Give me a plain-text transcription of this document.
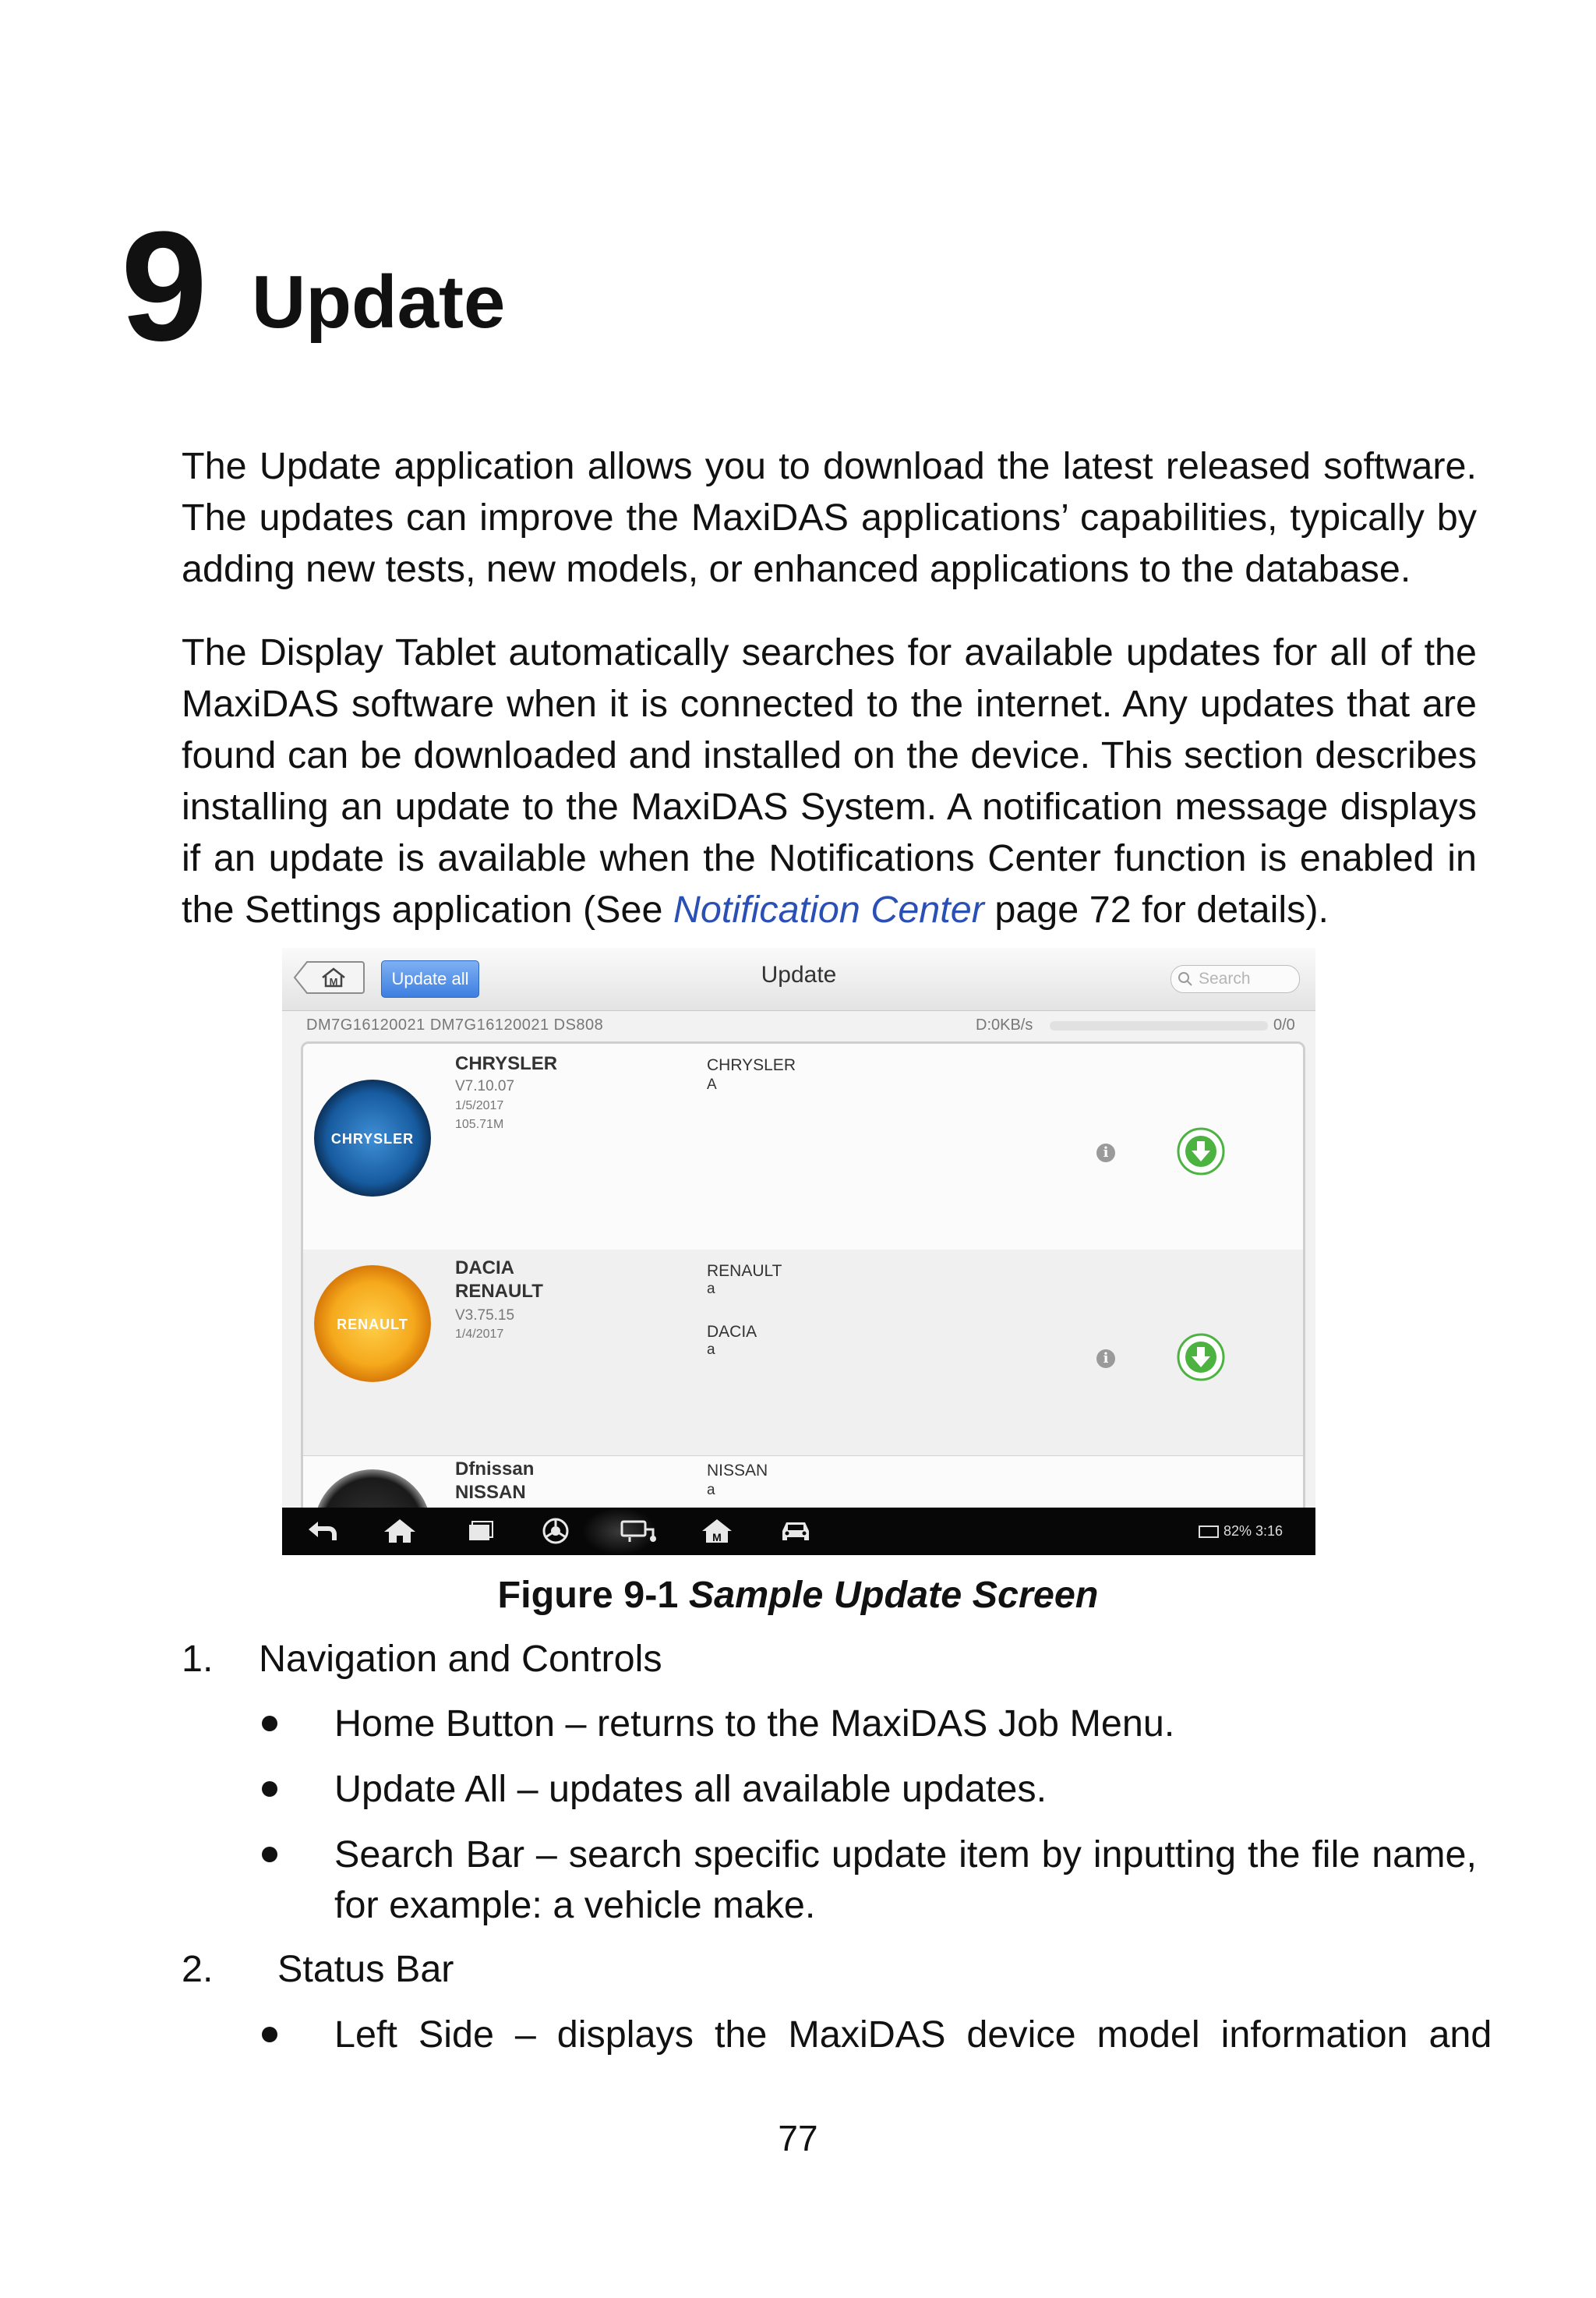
9 Update
The Update application allows you to download the latest released software.
The updates can improve the MaxiDAS applications’ capabilities, typically by
adding new tests, new models, or enhanced applications to the database.
The Display Tablet automatically searches for available updates for all of the
MaxiDAS software when it is connected to the internet. Any updates that are
found can be downloaded and installed on the device. This section describes
installing an update to the MaxiDAS System. A notification message displays
if an update is available when the Notifications Center function is enabled in
the Settings application (See Notification Center page 72 for details).
M	Update all	Update	Search
DM7G16120021 DM7G16120021 DS808	D:0KB/s	0/0
CHRYSLER
CHRYSLER
V7.10.07
1/5/2017
105.71M
CHRYSLER
A
i
RENAULT
DACIA
RENAULT
V3.75.15
1/4/2017
RENAULT
a
DACIA
a
i
Dfnissan
NISSAN
NISSAN
a
M	82% 3:16
Figure 9-1 Sample Update Screen
1. Navigation and Controls
Home Button – returns to the MaxiDAS Job Menu.
Update All – updates all available updates.
Search Bar – search specific update item by inputting the file name,
for example: a vehicle make.
2. Status Bar
Left  Side  –  displays  the  MaxiDAS  device  model  information  and
77
